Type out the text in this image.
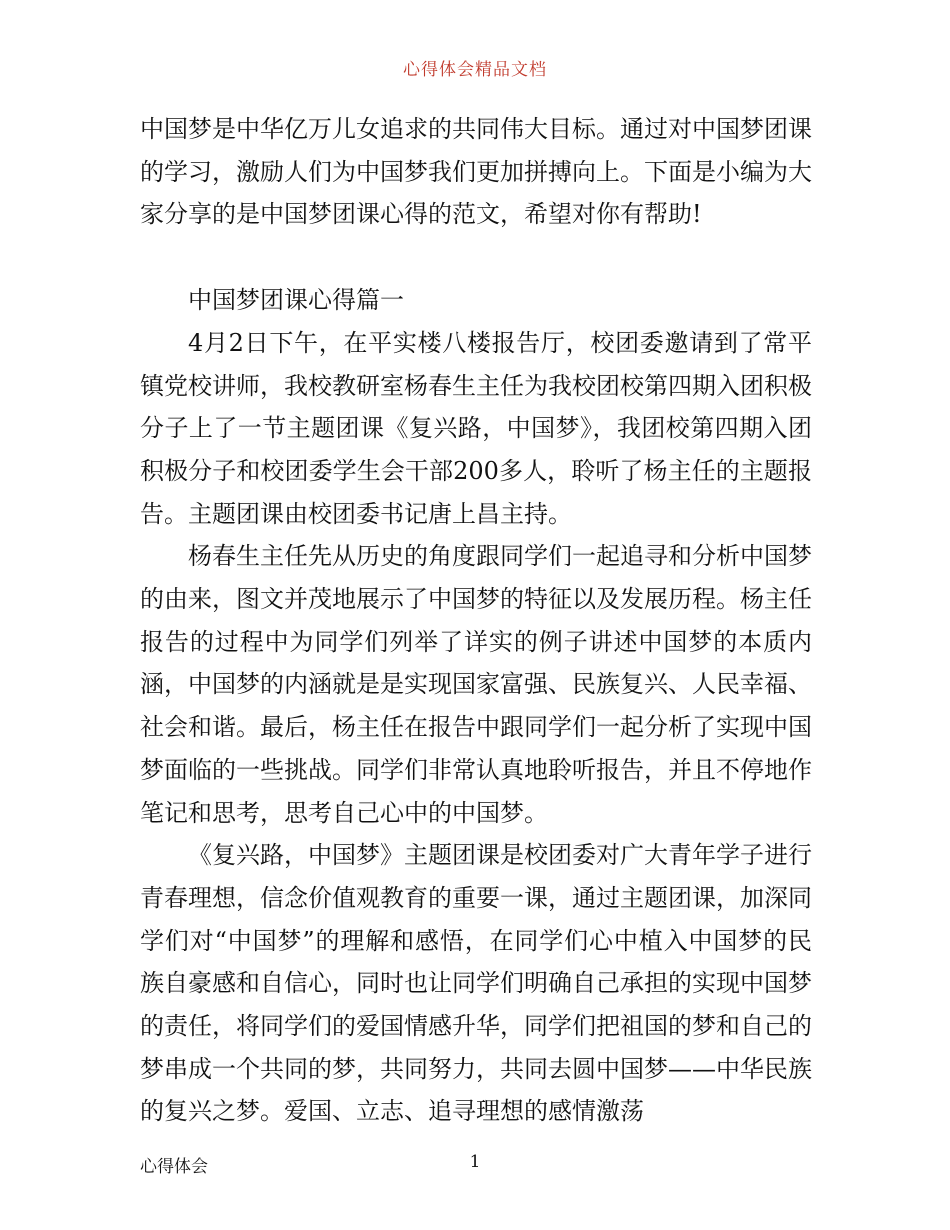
心得体会精品文档

中国梦是中华亿万儿女追求的共同伟大目标。通过对中国梦团课的学习，激励人们为中国梦我们更加拼搏向上。下面是小编为大家分享的是中国梦团课心得的范文，希望对你有帮助!

中国梦团课心得篇一

4月2日下午，在平实楼八楼报告厅，校团委邀请到了常平镇党校讲师，我校教研室杨春生主任为我校团校第四期入团积极分子上了一节主题团课《复兴路，中国梦》，我团校第四期入团积极分子和校团委学生会干部200多人，聆听了杨主任的主题报告。主题团课由校团委书记唐上昌主持。

杨春生主任先从历史的角度跟同学们一起追寻和分析中国梦的由来，图文并茂地展示了中国梦的特征以及发展历程。杨主任报告的过程中为同学们列举了详实的例子讲述中国梦的本质内涵，中国梦的内涵就是是实现国家富强、民族复兴、人民幸福、社会和谐。最后，杨主任在报告中跟同学们一起分析了实现中国梦面临的一些挑战。同学们非常认真地聆听报告，并且不停地作笔记和思考，思考自己心中的中国梦。

《复兴路，中国梦》主题团课是校团委对广大青年学子进行青春理想，信念价值观教育的重要一课，通过主题团课，加深同学们对“中国梦”的理解和感悟，在同学们心中植入中国梦的民族自豪感和自信心，同时也让同学们明确自己承担的实现中国梦的责任，将同学们的爱国情感升华，同学们把祖国的梦和自己的梦串成一个共同的梦，共同努力，共同去圆中国梦——中华民族的复兴之梦。爱国、立志、追寻理想的感情激荡

心得体会	1
